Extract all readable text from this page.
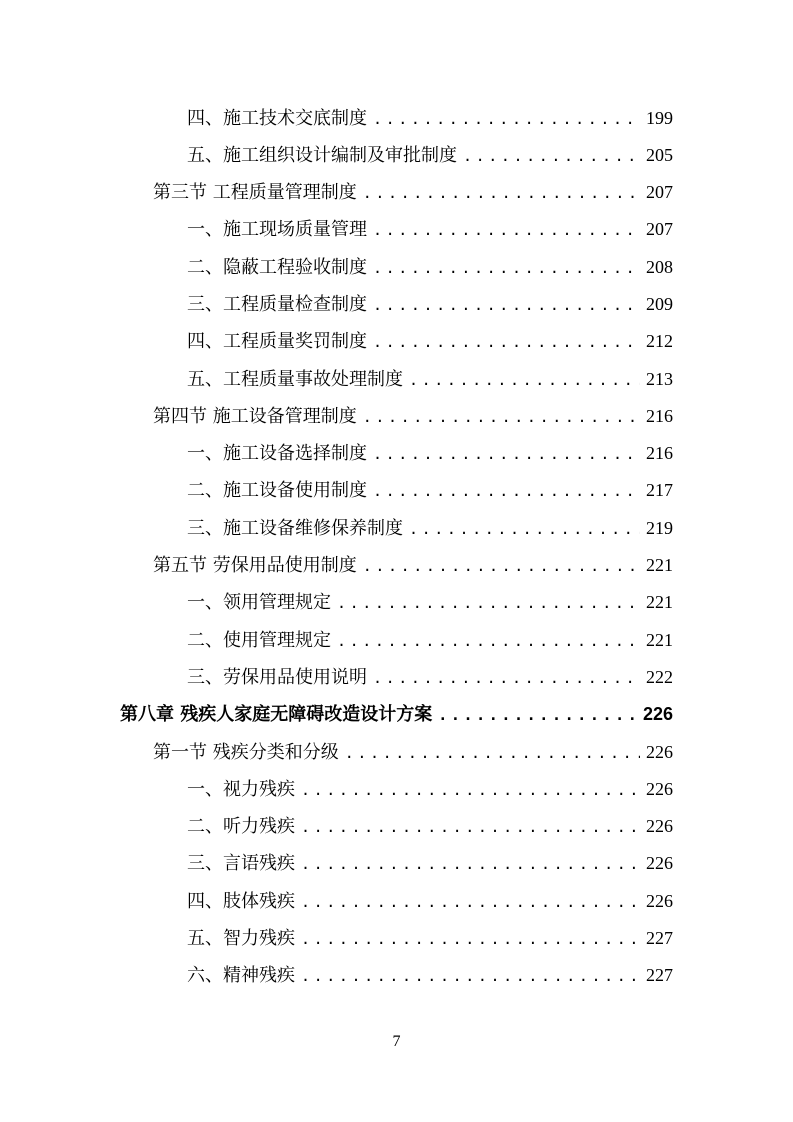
四、施工技术交底制度 .....	199
五、施工组织设计编制及审批制度 .....	205
第三节 工程质量管理制度 .....	207
一、施工现场质量管理 .....	207
二、隐蔽工程验收制度 .....	208
三、工程质量检查制度 .....	209
四、工程质量奖罚制度 .....	212
五、工程质量事故处理制度 .....	213
第四节 施工设备管理制度 .....	216
一、施工设备选择制度 .....	216
二、施工设备使用制度 .....	217
三、施工设备维修保养制度 .....	219
第五节 劳保用品使用制度 .....	221
一、领用管理规定 .....	221
二、使用管理规定 .....	221
三、劳保用品使用说明 .....	222
第八章 残疾人家庭无障碍改造设计方案 .....	226
第一节 残疾分类和分级 .....	226
一、视力残疾 .....	226
二、听力残疾 .....	226
三、言语残疾 .....	226
四、肢体残疾 .....	226
五、智力残疾 .....	227
六、精神残疾 .....	227
7
